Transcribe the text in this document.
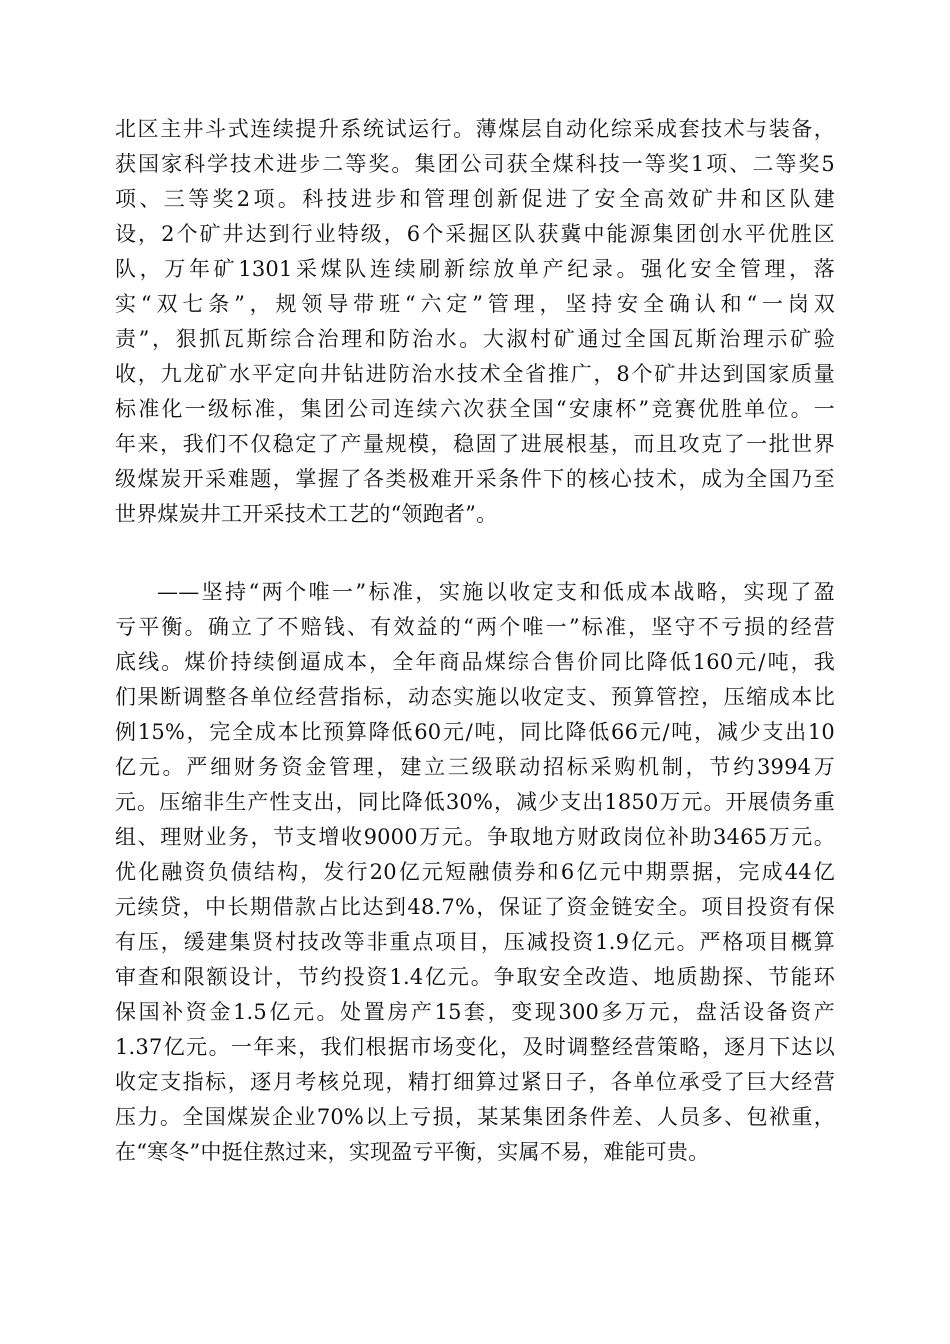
北区主井斗式连续提升系统试运行。薄煤层自动化综采成套技术与装备，
获国家科学技术进步二等奖。集团公司获全煤科技一等奖1项、二等奖5
项、三等奖2项。科技进步和管理创新促进了安全高效矿井和区队建
设，2个矿井达到行业特级，6个采掘区队获冀中能源集团创水平优胜区
队，万年矿1301采煤队连续刷新综放单产纪录。强化安全管理，落
实“双七条”，规领导带班“六定”管理，坚持安全确认和“一岗双
责”，狠抓瓦斯综合治理和防治水。大淑村矿通过全国瓦斯治理示矿验
收，九龙矿水平定向井钻进防治水技术全省推广，8个矿井达到国家质量
标准化一级标准，集团公司连续六次获全国“安康杯”竞赛优胜单位。一
年来，我们不仅稳定了产量规模，稳固了进展根基，而且攻克了一批世界
级煤炭开采难题，掌握了各类极难开采条件下的核心技术，成为全国乃至
世界煤炭井工开采技术工艺的“领跑者”。
——坚持“两个唯一”标准，实施以收定支和低成本战略，实现了盈
亏平衡。确立了不赔钱、有效益的“两个唯一”标准，坚守不亏损的经营
底线。煤价持续倒逼成本，全年商品煤综合售价同比降低160元/吨，我
们果断调整各单位经营指标，动态实施以收定支、预算管控，压缩成本比
例15%，完全成本比预算降低60元/吨，同比降低66元/吨，减少支出10
亿元。严细财务资金管理，建立三级联动招标采购机制，节约3994万
元。压缩非生产性支出，同比降低30%，减少支出1850万元。开展债务重
组、理财业务，节支增收9000万元。争取地方财政岗位补助3465万元。
优化融资负债结构，发行20亿元短融债券和6亿元中期票据，完成44亿
元续贷，中长期借款占比达到48.7%，保证了资金链安全。项目投资有保
有压，缓建集贤村技改等非重点项目，压减投资1.9亿元。严格项目概算
审查和限额设计，节约投资1.4亿元。争取安全改造、地质勘探、节能环
保国补资金1.5亿元。处置房产15套，变现300多万元，盘活设备资产
1.37亿元。一年来，我们根据市场变化，及时调整经营策略，逐月下达以
收定支指标，逐月考核兑现，精打细算过紧日子，各单位承受了巨大经营
压力。全国煤炭企业70%以上亏损，某某集团条件差、人员多、包袱重，
在“寒冬”中挺住熬过来，实现盈亏平衡，实属不易，难能可贵。
